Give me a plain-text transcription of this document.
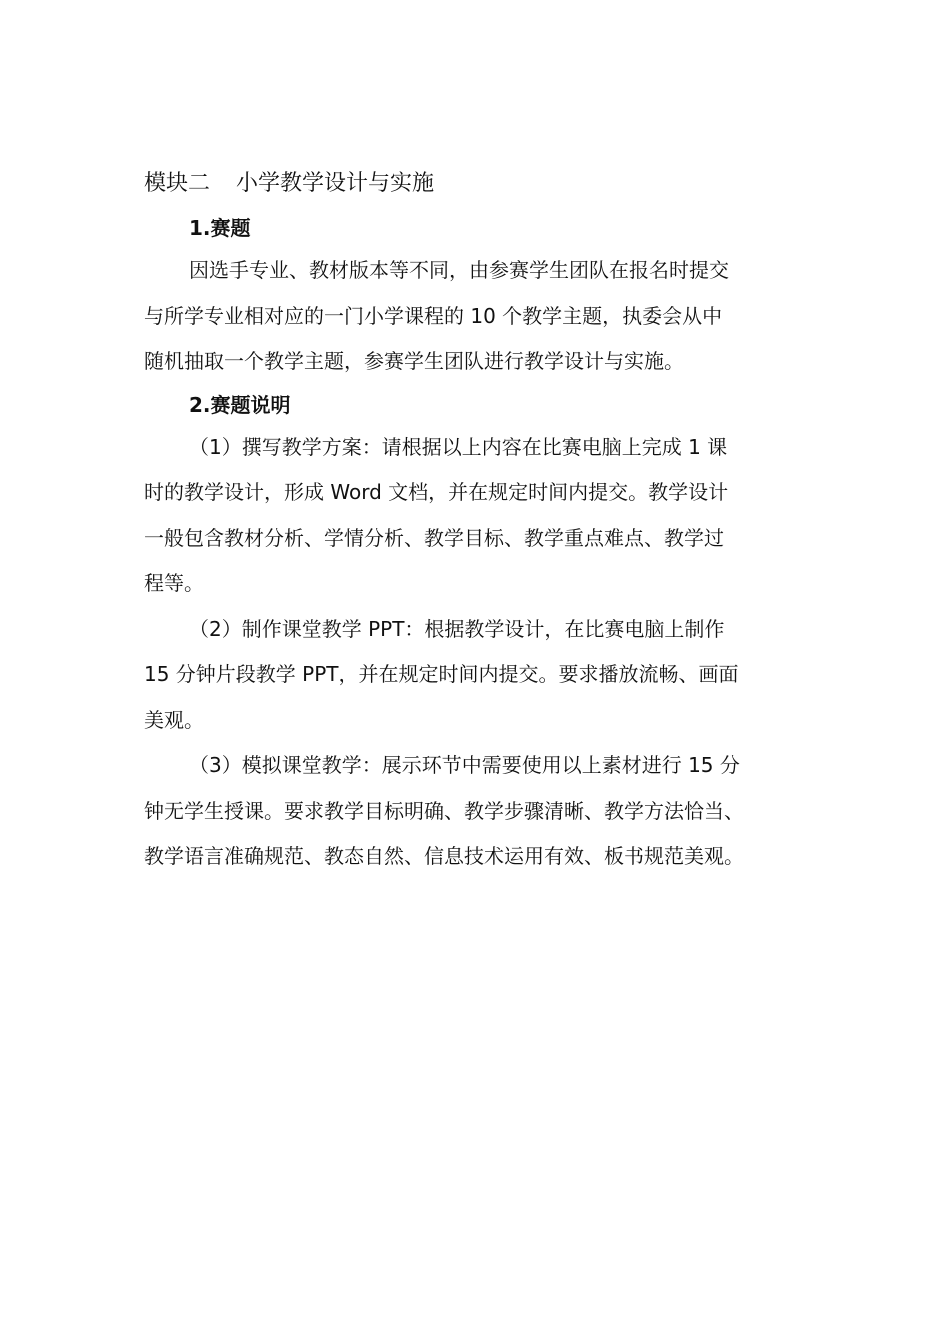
模块二 小学教学设计与实施
1.赛题
因选手专业、教材版本等不同，由参赛学生团队在报名时提交
与所学专业相对应的一门小学课程的 10 个教学主题，执委会从中
随机抽取一个教学主题，参赛学生团队进行教学设计与实施。
2.赛题说明
（1）撰写教学方案：请根据以上内容在比赛电脑上完成 1 课
时的教学设计，形成 Word 文档，并在规定时间内提交。教学设计
一般包含教材分析、学情分析、教学目标、教学重点难点、教学过
程等。
（2）制作课堂教学 PPT：根据教学设计，在比赛电脑上制作
15 分钟片段教学 PPT，并在规定时间内提交。要求播放流畅、画面
美观。
（3）模拟课堂教学：展示环节中需要使用以上素材进行 15 分
钟无学生授课。要求教学目标明确、教学步骤清晰、教学方法恰当、
教学语言准确规范、教态自然、信息技术运用有效、板书规范美观。
